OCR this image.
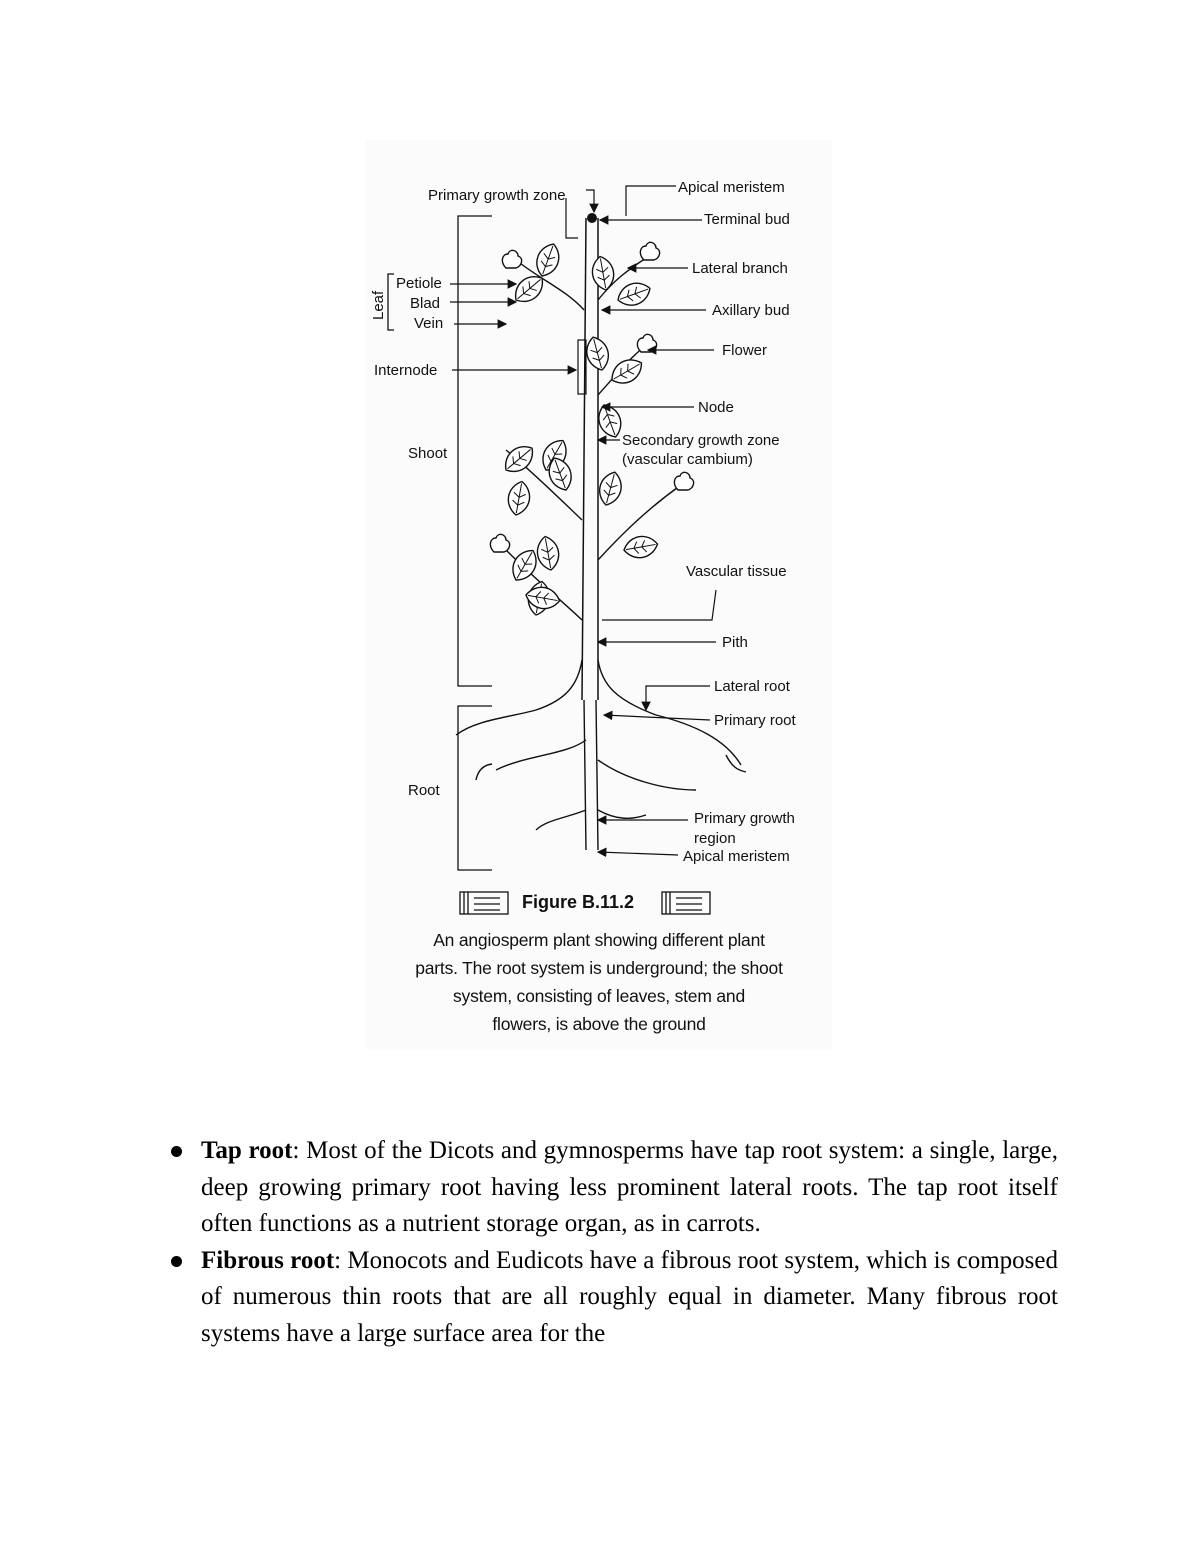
Primary growth zone	Apical meristem
Terminal bud
Lateral branch
Leaf
Petiole
Blad
Vein
Axillary bud
Flower
Internode
Node
Shoot
Secondary growth zone
(vascular cambium)
Vascular tissue
Pith
Lateral root
Primary root
Root
Primary growth
region
Apical meristem
Figure B.11.2
An angiosperm plant showing different plant
parts. The root system is underground; the shoot
system, consisting of leaves, stem and
flowers, is above the ground
Tap root: Most of the Dicots and gymnosperms have tap root system: a single, large, deep growing primary root having less prominent lateral roots. The tap root itself often functions as a nutrient storage organ, as in carrots.
Fibrous root: Monocots and Eudicots have a fibrous root system, which is composed of numerous thin roots that are all roughly equal in diameter. Many fibrous root systems have a large surface area for the
